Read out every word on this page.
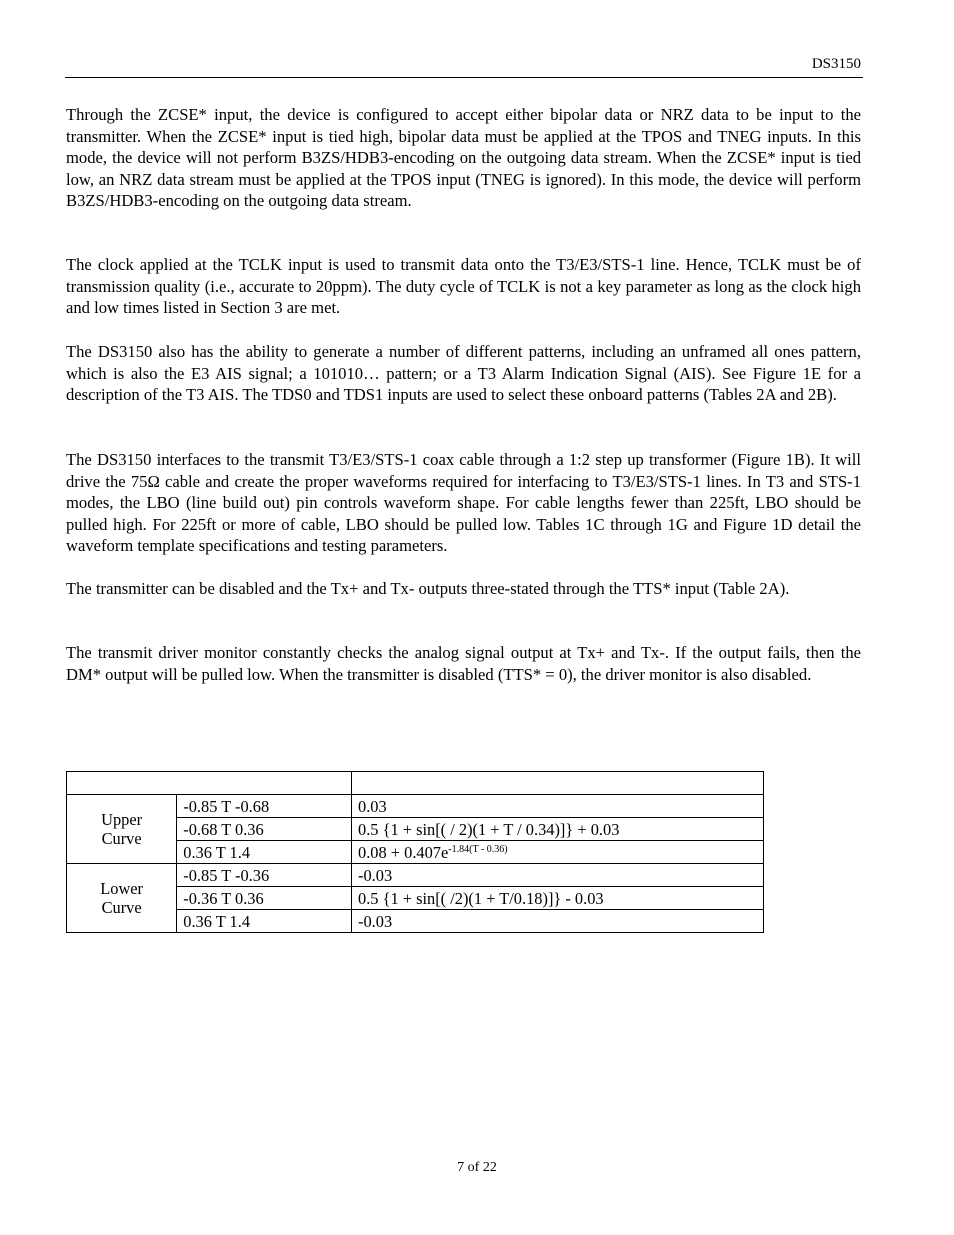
DS3150

Through the ZCSE* input, the device is configured to accept either bipolar data or NRZ data to be input to the transmitter. When the ZCSE* input is tied high, bipolar data must be applied at the TPOS and TNEG inputs. In this mode, the device will not perform B3ZS/HDB3-encoding on the outgoing data stream. When the ZCSE* input is tied low, an NRZ data stream must be applied at the TPOS input (TNEG is ignored). In this mode, the device will perform B3ZS/HDB3-encoding on the outgoing data stream.

The clock applied at the TCLK input is used to transmit data onto the T3/E3/STS-1 line. Hence, TCLK must be of transmission quality (i.e., accurate to 20ppm). The duty cycle of TCLK is not a key parameter as long as the clock high and low times listed in Section 3 are met.

The DS3150 also has the ability to generate a number of different patterns, including an unframed all ones pattern, which is also the E3 AIS signal; a 101010… pattern; or a T3 Alarm Indication Signal (AIS). See Figure 1E for a description of the T3 AIS. The TDS0 and TDS1 inputs are used to select these onboard patterns (Tables 2A and 2B).

The DS3150 interfaces to the transmit T3/E3/STS-1 coax cable through a 1:2 step up transformer (Figure 1B). It will drive the 75Ω cable and create the proper waveforms required for interfacing to T3/E3/STS-1 lines. In T3 and STS-1 modes, the LBO (line build out) pin controls waveform shape. For cable lengths fewer than 225ft, LBO should be pulled high. For 225ft or more of cable, LBO should be pulled low. Tables 1C through 1G and Figure 1D detail the waveform template specifications and testing parameters.

The transmitter can be disabled and the Tx+ and Tx- outputs three-stated through the TTS* input (Table 2A).

The transmit driver monitor constantly checks the analog signal output at Tx+ and Tx-. If the output fails, then the DM* output will be pulled low. When the transmitter is disabled (TTS* = 0), the driver monitor is also disabled.

Upper
Curve	-0.85 T -0.68	0.03
	-0.68 T 0.36	0.5 {1 + sin[( / 2)(1 + T / 0.34)]} + 0.03
	0.36 T 1.4	$0.08 + 0.407e^{-1.84(T - 0.36)}$
Lower
Curve	-0.85 T -0.36	-0.03
	-0.36 T 0.36	0.5 {1 + sin[( /2)(1 + T/0.18)]} - 0.03
	0.36 T 1.4	-0.03
7 of 22
